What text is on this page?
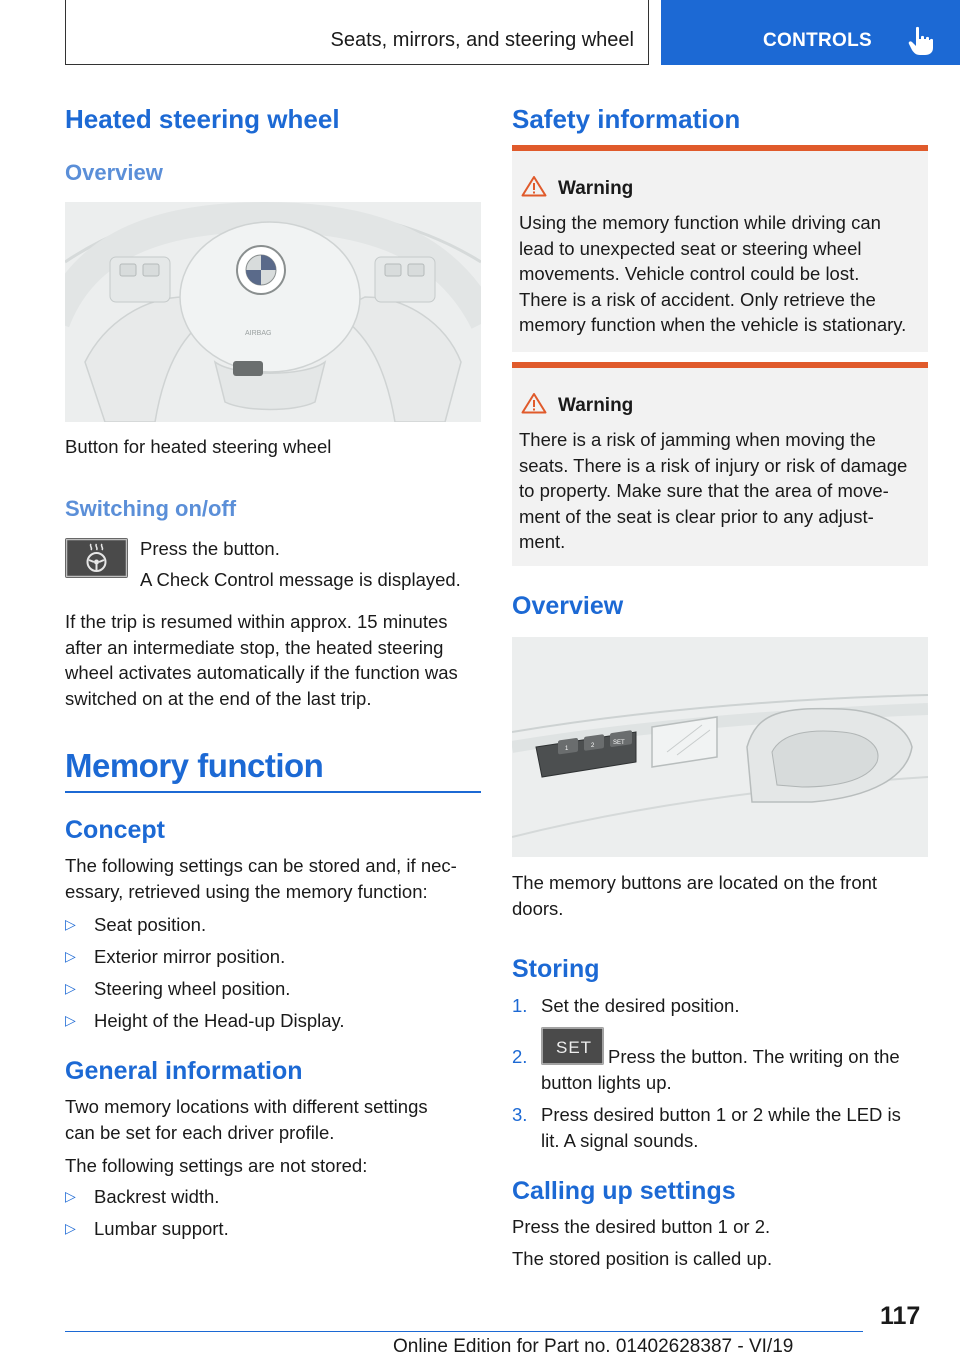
Seats, mirrors, and steering wheel	CONTROLS
Heated steering wheel
Overview
AIRBAG
Button for heated steering wheel
Switching on/off
Press the button.
A Check Control message is displayed.
If the trip is resumed within approx. 15 minutes
after an intermediate stop, the heated steering
wheel activates automatically if the function was
switched on at the end of the last trip.
Memory function
Concept
The following settings can be stored and, if nec‐
essary, retrieved using the memory function:
▷ Seat position.
▷ Exterior mirror position.
▷ Steering wheel position.
▷ Height of the Head-up Display.
General information
Two memory locations with different settings
can be set for each driver profile.
The following settings are not stored:
▷ Backrest width.
▷ Lumbar support.
Safety information
Warning
Using the memory function while driving can
lead to unexpected seat or steering wheel
movements. Vehicle control could be lost.
There is a risk of accident. Only retrieve the
memory function when the vehicle is stationary.
Warning
There is a risk of jamming when moving the
seats. There is a risk of injury or risk of damage
to property. Make sure that the area of move‐
ment of the seat is clear prior to any adjust‐
ment.
Overview
1	2	SET
The memory buttons are located on the front
doors.
Storing
1. Set the desired position.
2. SET Press the button. The writing on the
button lights up.
3. Press desired button 1 or 2 while the LED is
lit. A signal sounds.
Calling up settings
Press the desired button 1 or 2.
The stored position is called up.
117
Online Edition for Part no. 01402628387 - VI/19
